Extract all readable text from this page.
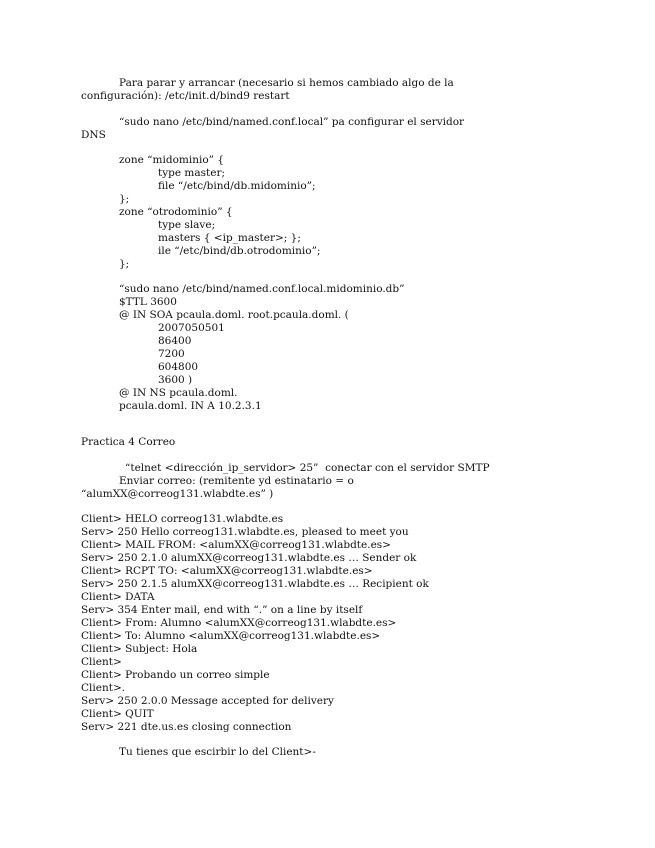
Para parar y arrancar (necesario si hemos cambiado algo de la
configuración): /etc/init.d/bind9 restart
“sudo nano /etc/bind/named.conf.local” pa configurar el servidor
DNS
zone “midominio” {
type master;
file “/etc/bind/db.midominio”;
};
zone “otrodominio” {
type slave;
masters { <ip_master>; };
ile “/etc/bind/db.otrodominio”;
};
“sudo nano /etc/bind/named.conf.local.midominio.db”
$TTL 3600
@ IN SOA pcaula.doml. root.pcaula.doml. (
2007050501
86400
7200
604800
3600 )
@ IN NS pcaula.doml.
pcaula.doml. IN A 10.2.3.1
Practica 4 Correo
“telnet <dirección_ip_servidor> 25”  conectar con el servidor SMTP
Enviar correo: (remitente yd estinatario = o
“alumXX@correog131.wlabdte.es” )
Client> HELO correog131.wlabdte.es
Serv> 250 Hello correog131.wlabdte.es, pleased to meet you
Client> MAIL FROM: <alumXX@correog131.wlabdte.es>
Serv> 250 2.1.0 alumXX@correog131.wlabdte.es … Sender ok
Client> RCPT TO: <alumXX@correog131.wlabdte.es>
Serv> 250 2.1.5 alumXX@correog131.wlabdte.es … Recipient ok
Client> DATA
Serv> 354 Enter mail, end with “.” on a line by itself
Client> From: Alumno <alumXX@correog131.wlabdte.es>
Client> To: Alumno <alumXX@correog131.wlabdte.es>
Client> Subject: Hola
Client>
Client> Probando un correo simple
Client>.
Serv> 250 2.0.0 Message accepted for delivery
Client> QUIT
Serv> 221 dte.us.es closing connection
Tu tienes que escirbir lo del Client>-
